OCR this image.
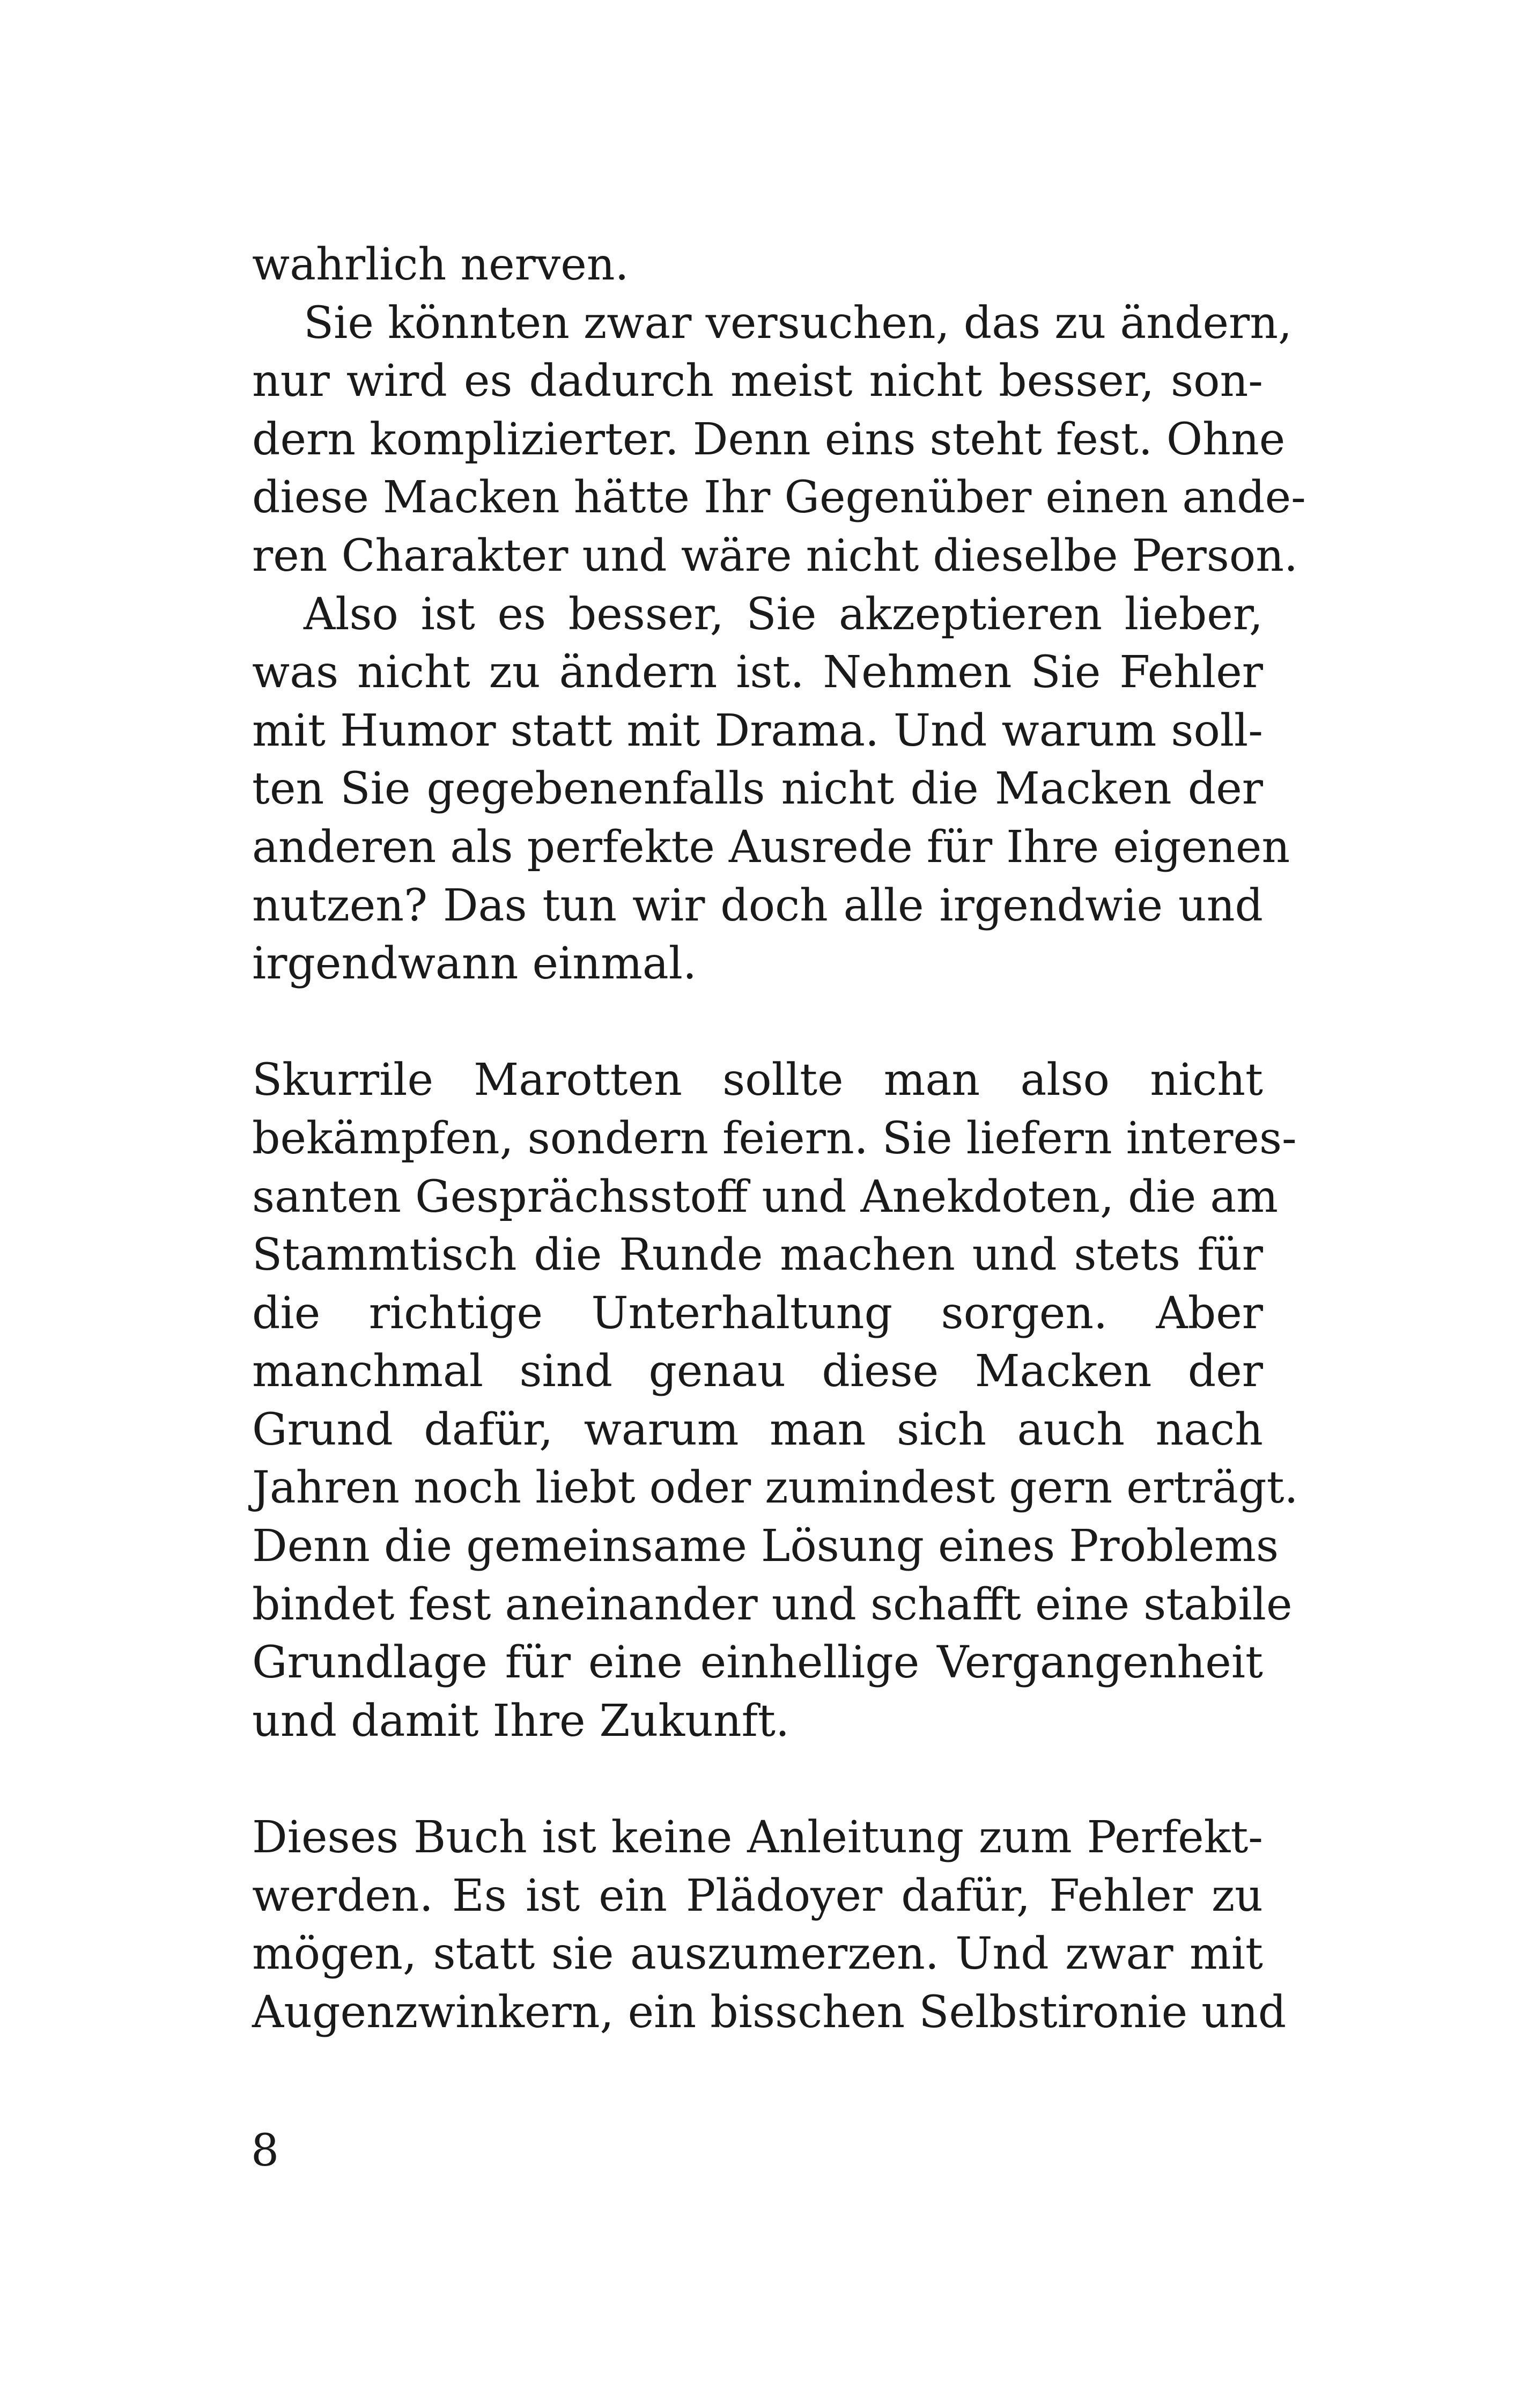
wahrlich nerven.
Sie könnten zwar versuchen, das zu ändern,
nur wird es dadurch meist nicht besser, son-
dern komplizierter. Denn eins steht fest. Ohne
diese Macken hätte Ihr Gegenüber einen ande-
ren Charakter und wäre nicht dieselbe Person.
Also ist es besser, Sie akzeptieren lieber,
was nicht zu ändern ist. Nehmen Sie Fehler
mit Humor statt mit Drama. Und warum soll-
ten Sie gegebenenfalls nicht die Macken der
anderen als perfekte Ausrede für Ihre eigenen
nutzen? Das tun wir doch alle irgendwie und
irgendwann einmal.
Skurrile Marotten sollte man also nicht
bekämpfen, sondern feiern. Sie liefern interes-
santen Gesprächsstoff und Anekdoten, die am
Stammtisch die Runde machen und stets für
die richtige Unterhaltung sorgen. Aber
manchmal sind genau diese Macken der
Grund dafür, warum man sich auch nach
Jahren noch liebt oder zumindest gern erträgt.
Denn die gemeinsame Lösung eines Problems
bindet fest aneinander und schafft eine stabile
Grundlage für eine einhellige Vergangenheit
und damit Ihre Zukunft.
Dieses Buch ist keine Anleitung zum Perfekt-
werden. Es ist ein Plädoyer dafür, Fehler zu
mögen, statt sie auszumerzen. Und zwar mit
Augenzwinkern, ein bisschen Selbstironie und
8
